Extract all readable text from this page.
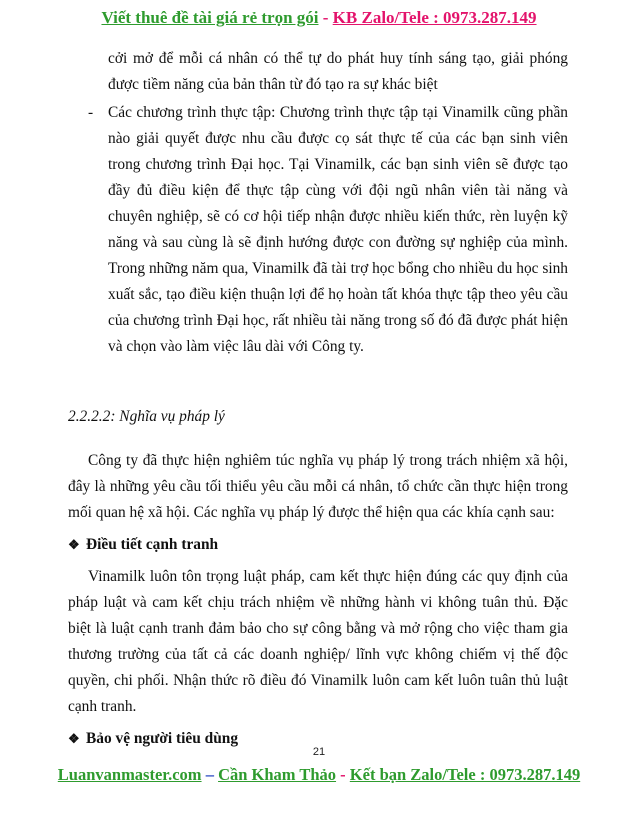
Viết thuê đề tài giá rẻ trọn gói - KB Zalo/Tele : 0973.287.149
cởi mở để mỗi cá nhân có thể tự do phát huy tính sáng tạo, giải phóng được tiềm năng của bản thân từ đó tạo ra sự khác biệt
- Các chương trình thực tập: Chương trình thực tập tại Vinamilk cũng phần nào giải quyết được nhu cầu được cọ sát thực tế của các bạn sinh viên trong chương trình Đại học. Tại Vinamilk, các bạn sinh viên sẽ được tạo đầy đủ điều kiện để thực tập cùng với đội ngũ nhân viên tài năng và chuyên nghiệp, sẽ có cơ hội tiếp nhận được nhiều kiến thức, rèn luyện kỹ năng và sau cùng là sẽ định hướng được con đường sự nghiệp của mình. Trong những năm qua, Vinamilk đã tài trợ học bổng cho nhiều du học sinh xuất sắc, tạo điều kiện thuận lợi để họ hoàn tất khóa thực tập theo yêu cầu của chương trình Đại học, rất nhiều tài năng trong số đó đã được phát hiện và chọn vào làm việc lâu dài với Công ty.
2.2.2.2: Nghĩa vụ pháp lý
Công ty đã thực hiện nghiêm túc nghĩa vụ pháp lý trong trách nhiệm xã hội, đây là những yêu cầu tối thiểu yêu cầu mỗi cá nhân, tổ chức cần thực hiện trong mối quan hệ xã hội. Các nghĩa vụ pháp lý được thể hiện qua các khía cạnh sau:
❖ Điều tiết cạnh tranh
Vinamilk luôn tôn trọng luật pháp, cam kết thực hiện đúng các quy định của pháp luật và cam kết chịu trách nhiệm về những hành vi không tuân thủ. Đặc biệt là luật cạnh tranh đảm bảo cho sự công bằng và mở rộng cho việc tham gia thương trường của tất cả các doanh nghiệp/ lĩnh vực không chiếm vị thế độc quyền, chi phối. Nhận thức rõ điều đó Vinamilk luôn cam kết luôn tuân thủ luật cạnh tranh.
❖ Bảo vệ người tiêu dùng
21
Luanvanmaster.com – Cần Kham Thảo - Kết bạn Zalo/Tele : 0973.287.149
